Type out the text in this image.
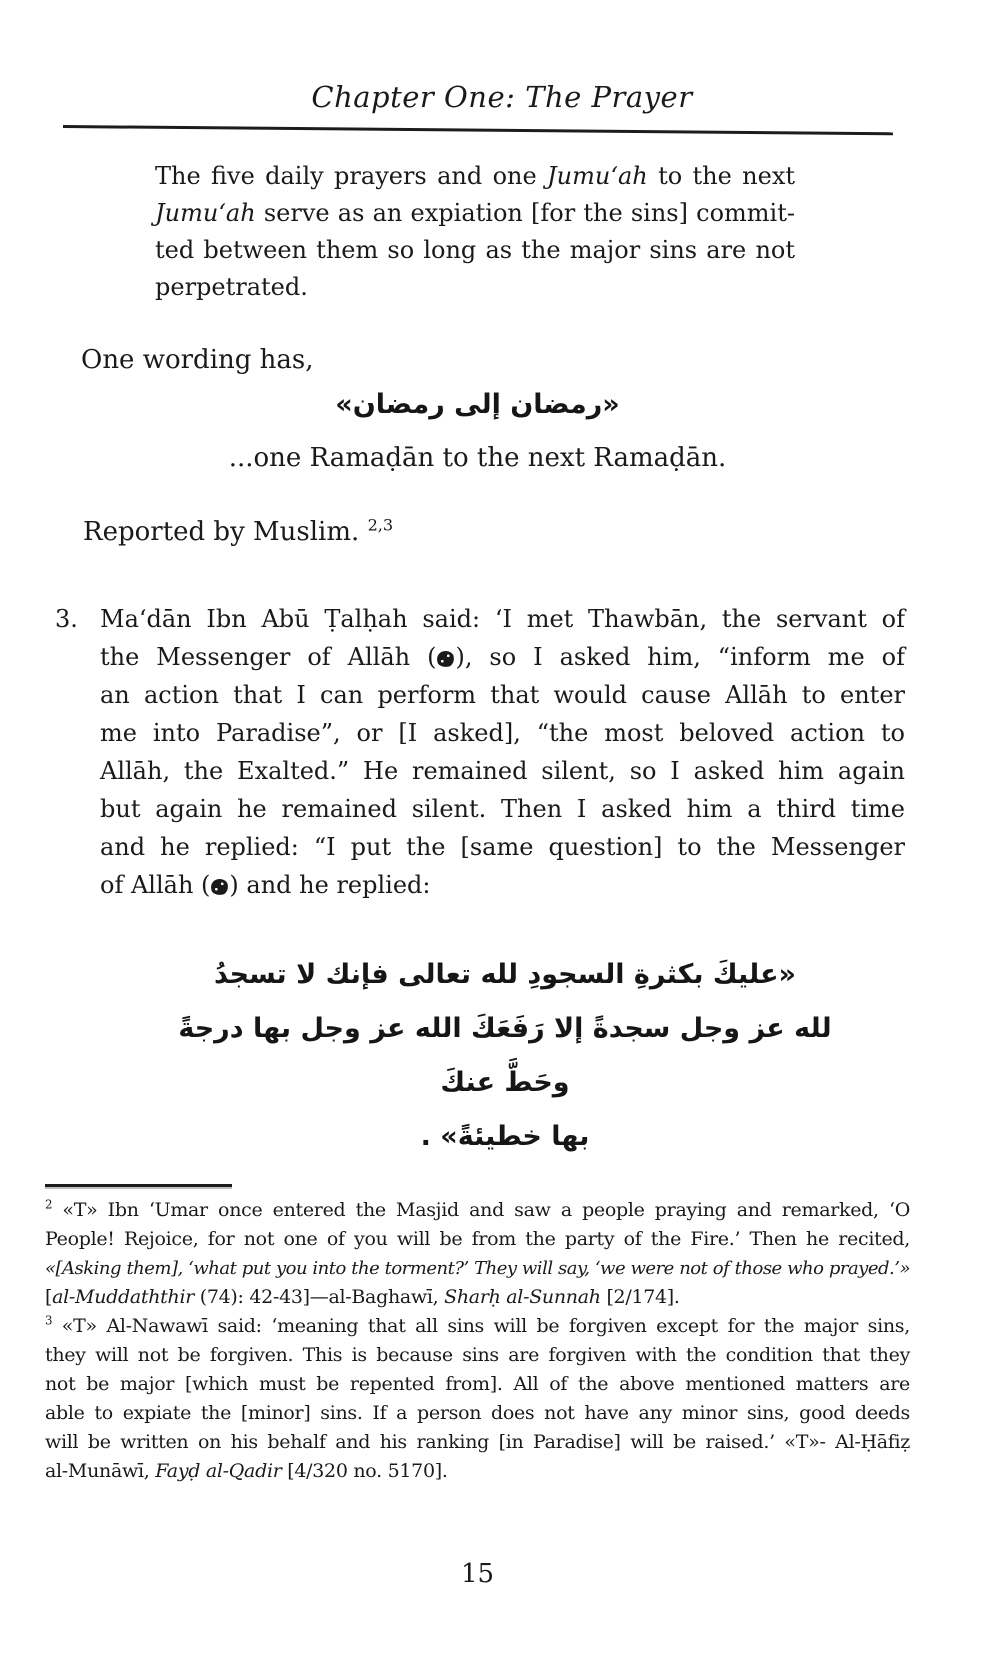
Chapter One: The Prayer
The five daily prayers and one Jumu‘ah to the next
Jumu‘ah serve as an expiation [for the sins] commit-
ted between them so long as the major sins are not
perpetrated.
One wording has,
«رمضان إلى رمضان»
...one Ramaḍān to the next Ramaḍān.
Reported by Muslim. $^{2,3}$
3. Ma‘dān Ibn Abū Ṭalḥah said: ‘I met Thawbān, the servant of
the Messenger of Allāh ( ), so I asked him, “inform me of
an action that I can perform that would cause Allāh to enter
me into Paradise”, or [I asked], “the most beloved action to
Allāh, the Exalted.” He remained silent, so I asked him again
but again he remained silent. Then I asked him a third time
and he replied: “I put the [same question] to the Messenger
of Allāh ( ) and he replied:
«عليكَ بكثرةِ السجودِ لله تعالى فإنك لا تسجدُ
لله عز وجل سجدةً إلا رَفَعَكَ الله عز وجل بها درجةً وحَطَّ عنكَ
بها خطيئةً» .
$^2$ «T» Ibn ‘Umar once entered the Masjid and saw a people praying and remarked, ‘O
People! Rejoice, for not one of you will be from the party of the Fire.’ Then he recited,
«[Asking them], ‘what put you into the torment?’ They will say, ‘we were not of those who prayed.’»
[al-Muddaththir (74): 42-43]—al-Baghawī, Sharḥ al-Sunnah [2/174].
$^3$ «T» Al-Nawawī said: ‘meaning that all sins will be forgiven except for the major sins,
they will not be forgiven. This is because sins are forgiven with the condition that they
not be major [which must be repented from]. All of the above mentioned matters are
able to expiate the [minor] sins. If a person does not have any minor sins, good deeds
will be written on his behalf and his ranking [in Paradise] will be raised.’ «T»- Al-Ḥāfiẓ
al-Munāwī, Fayḍ al-Qadir [4/320 no. 5170].
15
